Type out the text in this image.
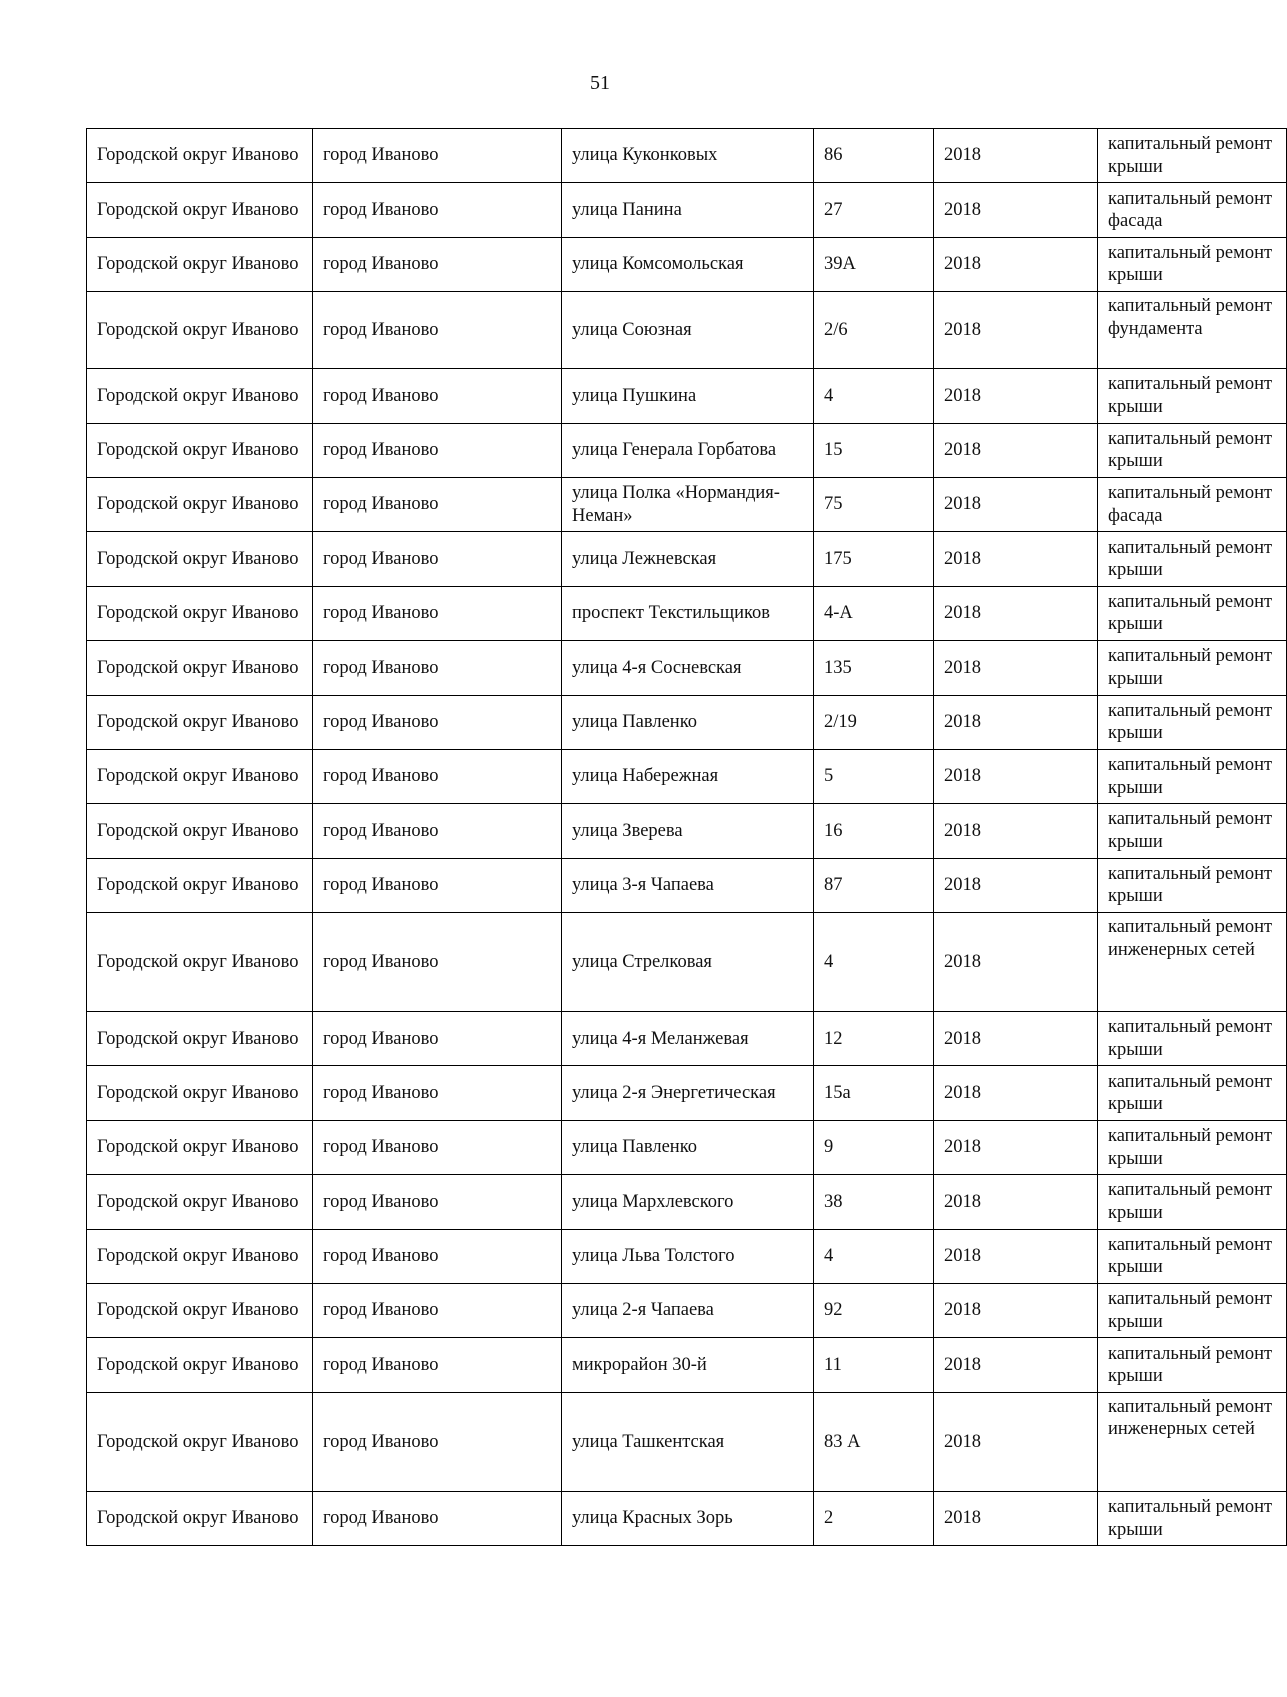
51
Городской округ Иваново	город Иваново	улица Куконковых	86	2018	капитальный ремонт крыши

Городской округ Иваново	город Иваново	улица Панина	27	2018	капитальный ремонт фасада

Городской округ Иваново	город Иваново	улица Комсомольская	39А	2018	капитальный ремонт крыши

Городской округ Иваново	город Иваново	улица Союзная	2/6	2018	капитальный ремонт фундамента

Городской округ Иваново	город Иваново	улица Пушкина	4	2018	капитальный ремонт крыши

Городской округ Иваново	город Иваново	улица Генерала Горбатова	15	2018	капитальный ремонт крыши

Городской округ Иваново	город Иваново	улица Полка «Нормандия-Неман»	75	2018	капитальный ремонт фасада

Городской округ Иваново	город Иваново	улица Лежневская	175	2018	капитальный ремонт крыши

Городской округ Иваново	город Иваново	проспект Текстильщиков	4-А	2018	капитальный ремонт крыши

Городской округ Иваново	город Иваново	улица 4-я Сосневская	135	2018	капитальный ремонт крыши

Городской округ Иваново	город Иваново	улица Павленко	2/19	2018	капитальный ремонт крыши

Городской округ Иваново	город Иваново	улица Набережная	5	2018	капитальный ремонт крыши

Городской округ Иваново	город Иваново	улица Зверева	16	2018	капитальный ремонт крыши

Городской округ Иваново	город Иваново	улица 3-я Чапаева	87	2018	капитальный ремонт крыши

Городской округ Иваново	город Иваново	улица Стрелковая	4	2018	капитальный ремонт инженерных сетей

Городской округ Иваново	город Иваново	улица 4-я Меланжевая	12	2018	капитальный ремонт крыши

Городской округ Иваново	город Иваново	улица 2-я Энергетическая	15а	2018	капитальный ремонт крыши

Городской округ Иваново	город Иваново	улица Павленко	9	2018	капитальный ремонт крыши

Городской округ Иваново	город Иваново	улица Мархлевского	38	2018	капитальный ремонт крыши

Городской округ Иваново	город Иваново	улица Льва Толстого	4	2018	капитальный ремонт крыши

Городской округ Иваново	город Иваново	улица 2-я Чапаева	92	2018	капитальный ремонт крыши

Городской округ Иваново	город Иваново	микрорайон 30-й	11	2018	капитальный ремонт крыши

Городской округ Иваново	город Иваново	улица Ташкентская	83 А	2018	капитальный ремонт инженерных сетей

Городской округ Иваново	город Иваново	улица Красных Зорь	2	2018	капитальный ремонт крыши
